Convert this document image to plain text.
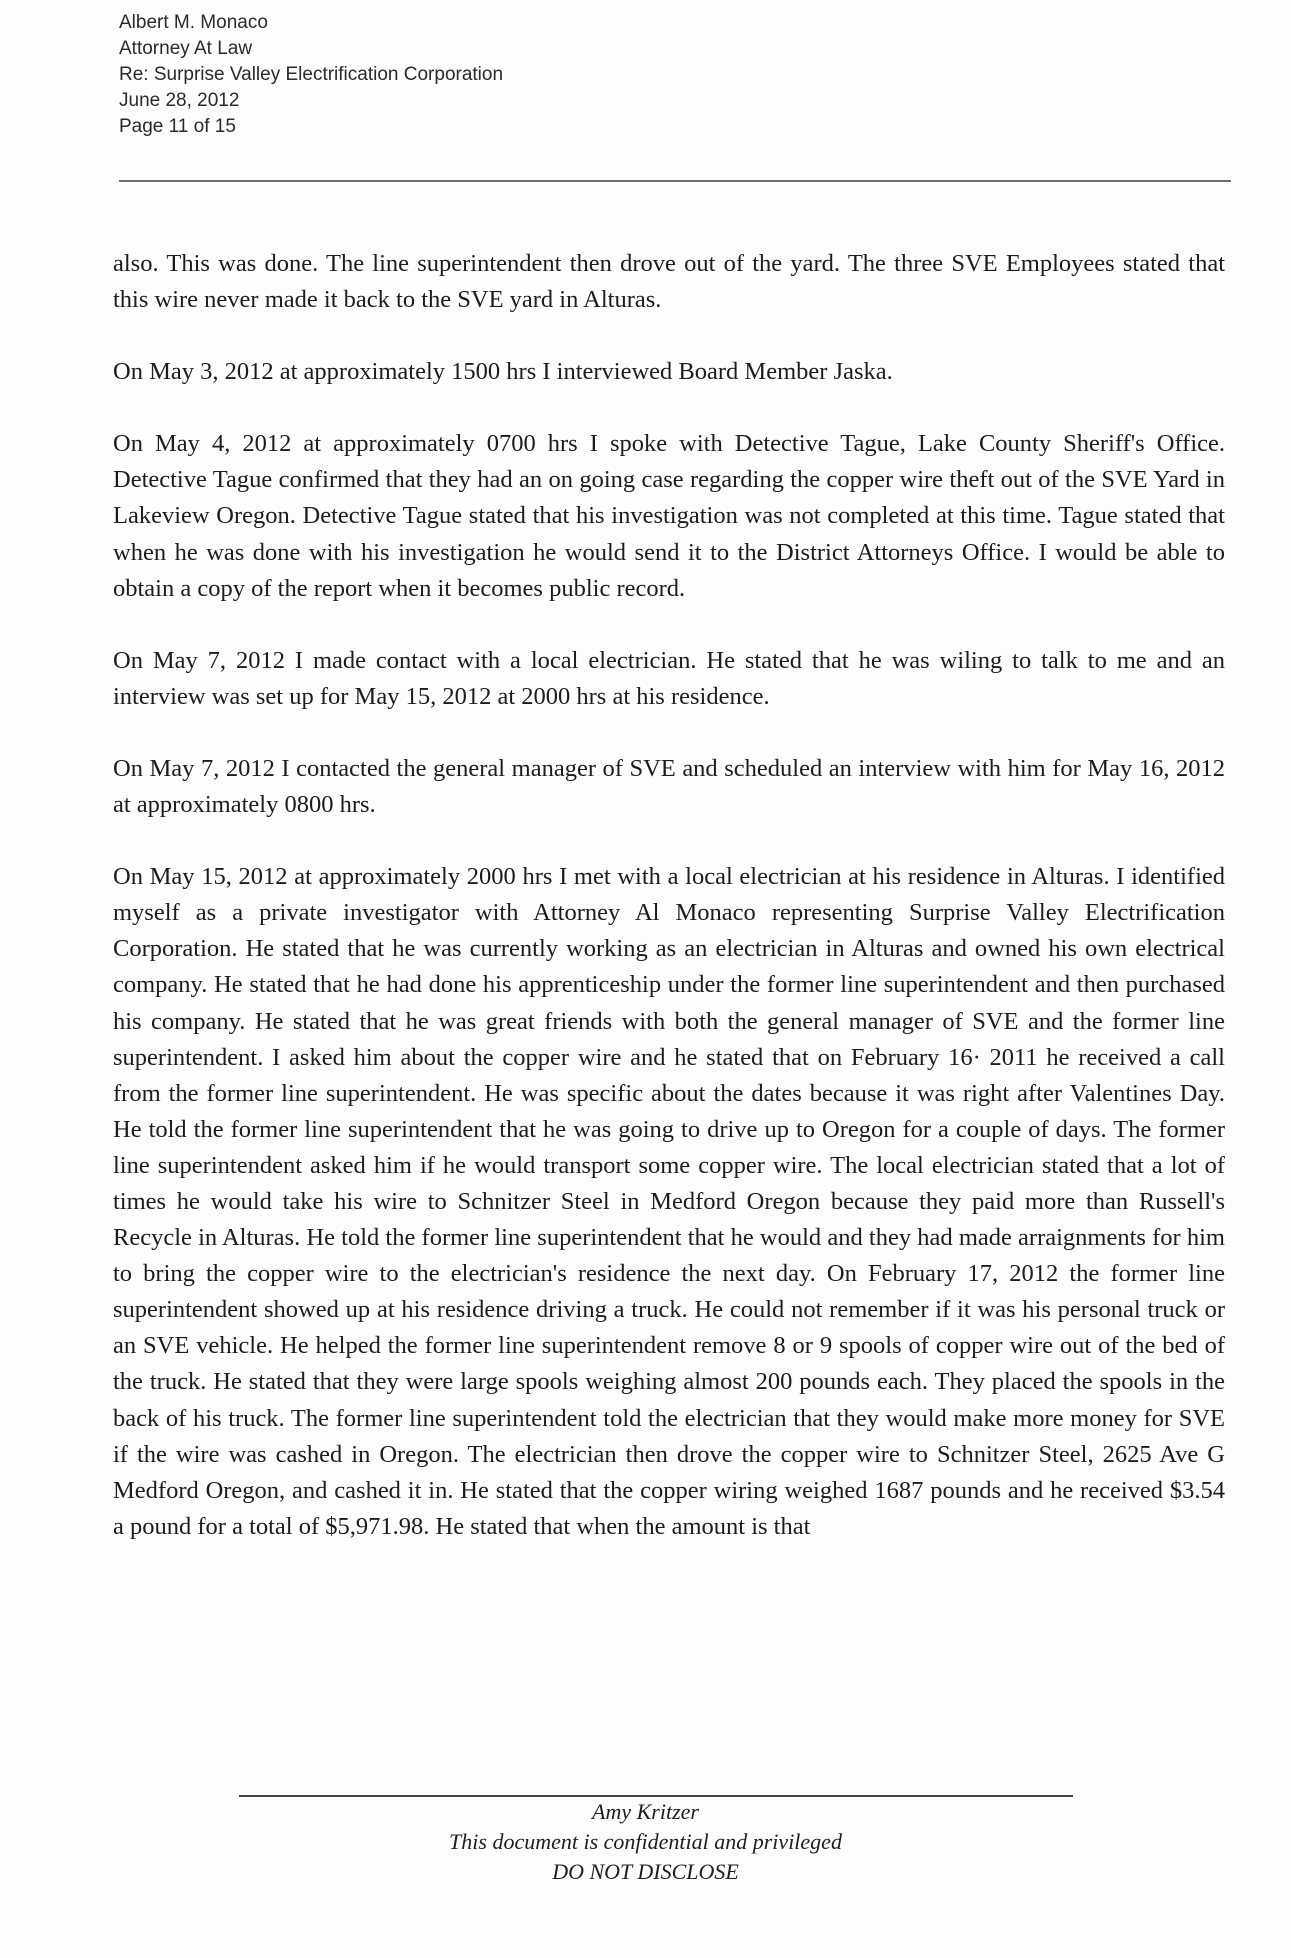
Albert M. Monaco
Attorney At Law
Re: Surprise Valley Electrification Corporation
June 28, 2012
Page 11 of 15

also. This was done. The line superintendent then drove out of the yard. The three SVE Employees stated that this wire never made it back to the SVE yard in Alturas.

On May 3, 2012 at approximately 1500 hrs I interviewed Board Member Jaska.

On May 4, 2012 at approximately 0700 hrs I spoke with Detective Tague, Lake County Sheriff's Office. Detective Tague confirmed that they had an on going case regarding the copper wire theft out of the SVE Yard in Lakeview Oregon. Detective Tague stated that his investigation was not completed at this time. Tague stated that when he was done with his investigation he would send it to the District Attorneys Office. I would be able to obtain a copy of the report when it becomes public record.

On May 7, 2012 I made contact with a local electrician. He stated that he was wiling to talk to me and an interview was set up for May 15, 2012 at 2000 hrs at his residence.

On May 7, 2012 I contacted the general manager of SVE and scheduled an interview with him for May 16, 2012 at approximately 0800 hrs.

On May 15, 2012 at approximately 2000 hrs I met with a local electrician at his residence in Alturas. I identified myself as a private investigator with Attorney Al Monaco representing Surprise Valley Electrification Corporation. He stated that he was currently working as an electrician in Alturas and owned his own electrical company. He stated that he had done his apprenticeship under the former line superintendent and then purchased his company. He stated that he was great friends with both the general manager of SVE and the former line superintendent. I asked him about the copper wire and he stated that on February 16· 2011 he received a call from the former line superintendent. He was specific about the dates because it was right after Valentines Day. He told the former line superintendent that he was going to drive up to Oregon for a couple of days. The former line superintendent asked him if he would transport some copper wire. The local electrician stated that a lot of times he would take his wire to Schnitzer Steel in Medford Oregon because they paid more than Russell's Recycle in Alturas. He told the former line superintendent that he would and they had made arraignments for him to bring the copper wire to the electrician's residence the next day. On February 17, 2012 the former line superintendent showed up at his residence driving a truck. He could not remember if it was his personal truck or an SVE vehicle. He helped the former line superintendent remove 8 or 9 spools of copper wire out of the bed of the truck. He stated that they were large spools weighing almost 200 pounds each. They placed the spools in the back of his truck. The former line superintendent told the electrician that they would make more money for SVE if the wire was cashed in Oregon. The electrician then drove the copper wire to Schnitzer Steel, 2625 Ave G Medford Oregon, and cashed it in. He stated that the copper wiring weighed 1687 pounds and he received $3.54 a pound for a total of $5,971.98. He stated that when the amount is that

Amy Kritzer
This document is confidential and privileged
DO NOT DISCLOSE
